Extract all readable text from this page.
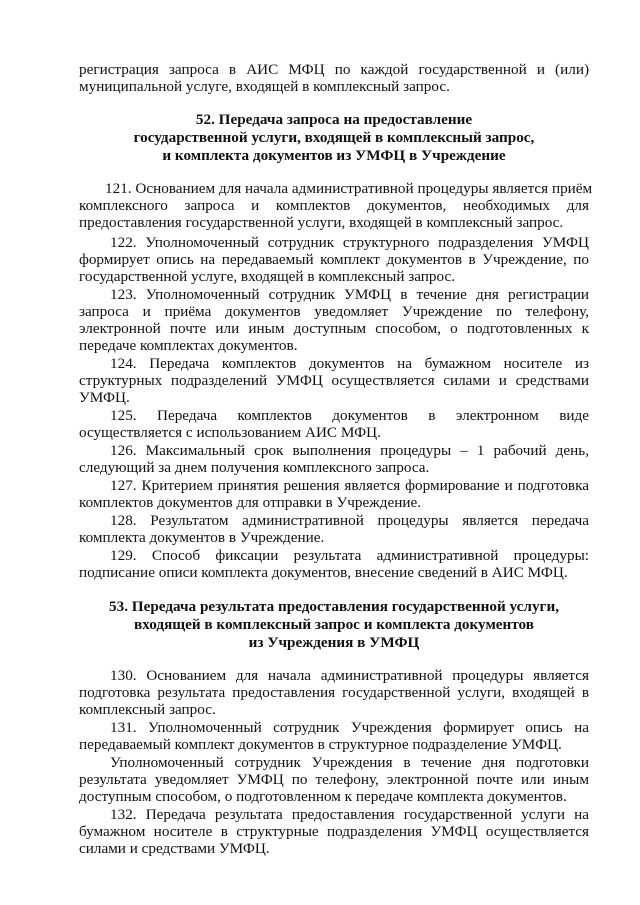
регистрация запроса в АИС МФЦ по каждой государственной и (или)

муниципальной услуге, входящей в комплексный запрос.

52. Передача запроса на предоставление
государственной услуги, входящей в комплексный запрос,
и комплекта документов из УМФЦ в Учреждение

121. Основанием для начала административной процедуры является приём

комплексного запроса и комплектов документов, необходимых для

предоставления государственной услуги, входящей в комплексный запрос.

122. Уполномоченный сотрудник структурного подразделения УМФЦ

формирует опись на передаваемый комплект документов в Учреждение, по

государственной услуге, входящей в комплексный запрос.

123. Уполномоченный сотрудник УМФЦ в течение дня регистрации

запроса и приёма документов уведомляет Учреждение по телефону,

электронной почте или иным доступным способом, о подготовленных к

передаче комплектах документов.

124. Передача комплектов документов на бумажном носителе из

структурных подразделений УМФЦ осуществляется силами и средствами

УМФЦ.

125. Передача комплектов документов в электронном виде

осуществляется с использованием АИС МФЦ.

126. Максимальный срок выполнения процедуры – 1 рабочий день,

следующий за днем получения комплексного запроса.

127. Критерием принятия решения является формирование и подготовка

комплектов документов для отправки в Учреждение.

128. Результатом административной процедуры является передача

комплекта документов в Учреждение.

129. Способ фиксации результата административной процедуры:

подписание описи комплекта документов, внесение сведений в АИС МФЦ.

53. Передача результата предоставления государственной услуги,
входящей в комплексный запрос и комплекта документов
из Учреждения в УМФЦ

130. Основанием для начала административной процедуры является

подготовка результата предоставления государственной услуги, входящей в

комплексный запрос.

131. Уполномоченный сотрудник Учреждения формирует опись на

передаваемый комплект документов в структурное подразделение УМФЦ.

Уполномоченный сотрудник Учреждения в течение дня подготовки

результата уведомляет УМФЦ по телефону, электронной почте или иным

доступным способом, о подготовленном к передаче комплекта документов.

132. Передача результата предоставления государственной услуги на

бумажном носителе в структурные подразделения УМФЦ осуществляется

силами и средствами УМФЦ.
